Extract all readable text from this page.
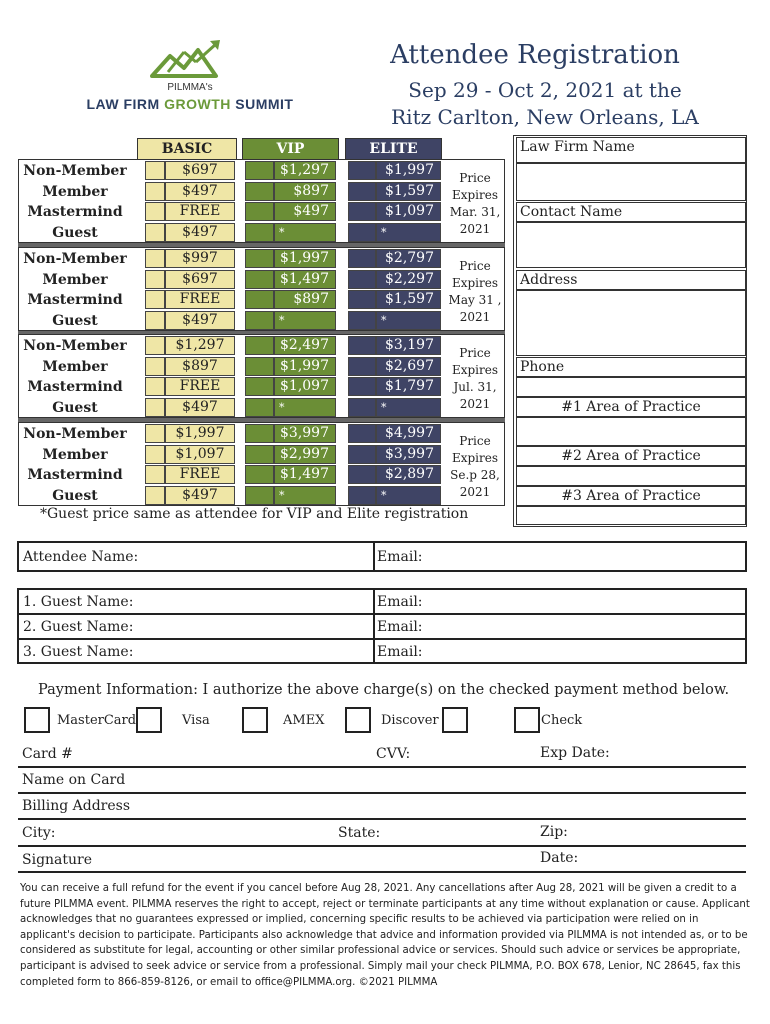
PILMMA's
LAW FIRM GROWTH SUMMIT
Attendee Registration
Sep 29 - Oct 2, 2021 at the
Ritz Carlton, New Orleans, LA
BASIC	VIP	ELITE
Non-Member	$697	$1,297	$1,997
Member	$497	$897	$1,597
Mastermind	FREE	$497	$1,097
Guest	$497	*	*
Price
Expires
Mar. 31,
2021
Non-Member	$997	$1,997	$2,797
Member	$697	$1,497	$2,297
Mastermind	FREE	$897	$1,597
Guest	$497	*	*
Price
Expires
May 31 ,
2021
Non-Member	$1,297	$2,497	$3,197
Member	$897	$1,997	$2,697
Mastermind	FREE	$1,097	$1,797
Guest	$497	*	*
Price
Expires
Jul. 31,
2021
Non-Member	$1,997	$3,997	$4,997
Member	$1,097	$2,997	$3,997
Mastermind	FREE	$1,497	$2,897
Guest	$497	*	*
Price
Expires
Se.p 28,
2021
*Guest price same as attendee for VIP and Elite registration
Law Firm Name
Contact Name
Address
Phone
#1 Area of Practice
#2 Area of Practice
#3 Area of Practice
Attendee Name:	Email:
1. Guest Name:	Email:
2. Guest Name:	Email:
3. Guest Name:	Email:
Payment Information: I authorize the above charge(s) on the checked payment method below.
MasterCard	Visa	AMEX	Discover	Check
Card #	CVV:	Exp Date:
Name on Card
Billing Address
City:	State:	Zip:
Signature	Date:
You can receive a full refund for the event if you cancel before Aug 28, 2021. Any cancellations after Aug 28, 2021 will be given a credit to a future PILMMA event. PILMMA reserves the right to accept, reject or terminate participants at any time without explanation or cause. Applicant acknowledges that no guarantees expressed or implied, concerning specific results to be achieved via participation were relied on in applicant's decision to participate. Participants also acknowledge that advice and information provided via PILMMA is not intended as, or to be considered as substitute for legal, accounting or other similar professional advice or services. Should such advice or services be appropriate, participant is advised to seek advice or service from a professional. Simply mail your check PILMMA, P.O. BOX 678, Lenior, NC 28645, fax this completed form to 866-859-8126, or email to office@PILMMA.org. ©2021 PILMMA
